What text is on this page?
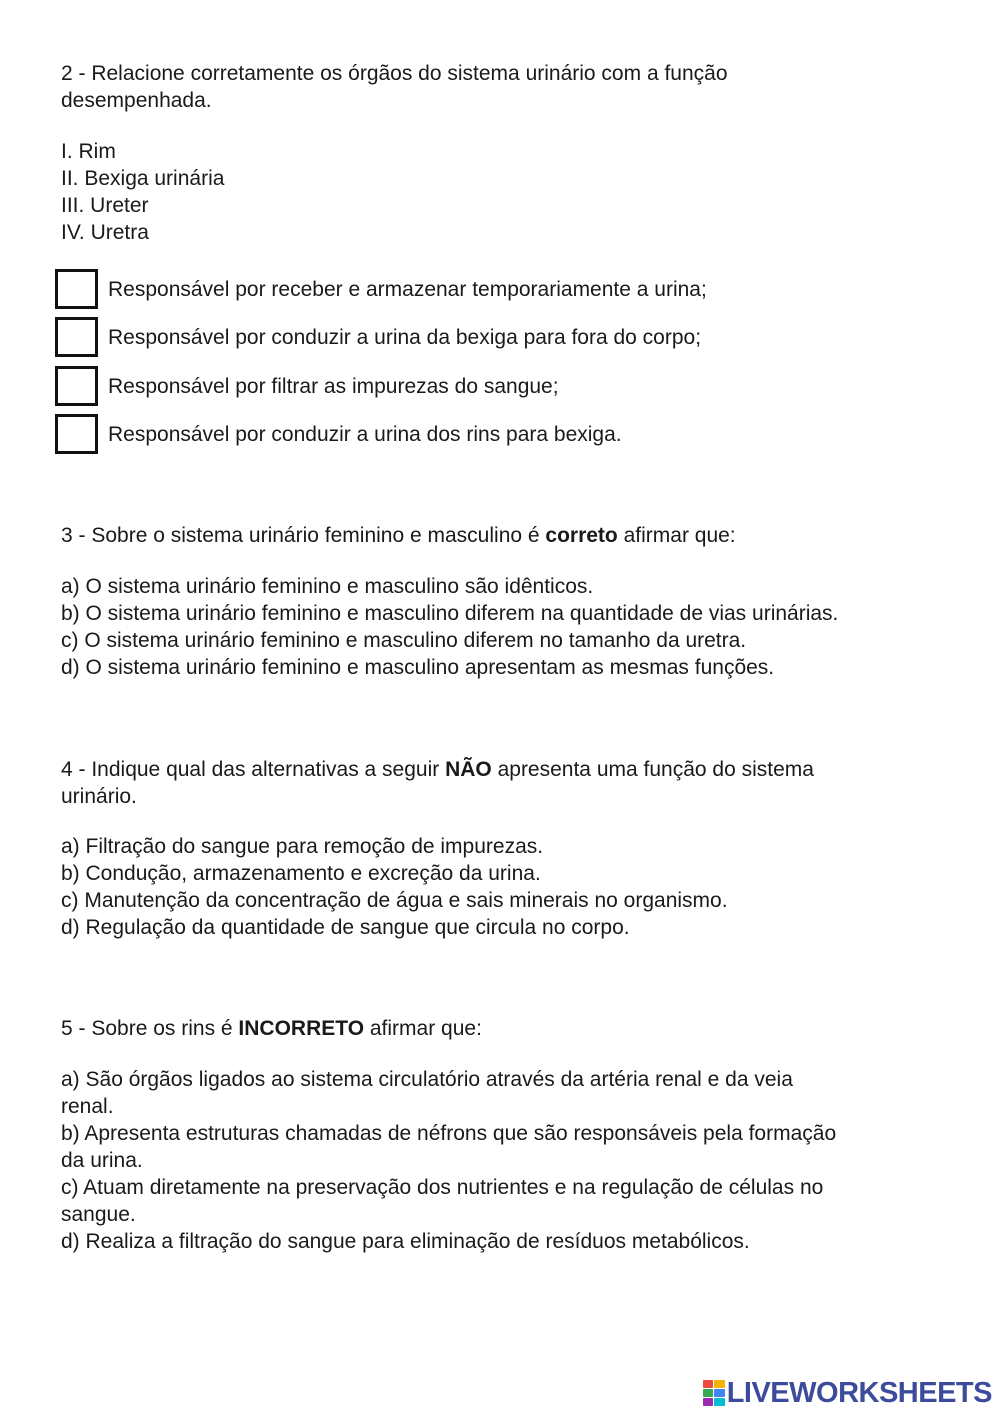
2 - Relacione corretamente os órgãos do sistema urinário com a função
desempenhada.
I. Rim
II. Bexiga urinária
III. Ureter
IV. Uretra
Responsável por receber e armazenar temporariamente a urina;
Responsável por conduzir a urina da bexiga para fora do corpo;
Responsável por filtrar as impurezas do sangue;
Responsável por conduzir a urina dos rins para bexiga.
3 - Sobre o sistema urinário feminino e masculino é correto afirmar que:
a) O sistema urinário feminino e masculino são idênticos.
b) O sistema urinário feminino e masculino diferem na quantidade de vias urinárias.
c) O sistema urinário feminino e masculino diferem no tamanho da uretra.
d) O sistema urinário feminino e masculino apresentam as mesmas funções.
4 - Indique qual das alternativas a seguir NÃO apresenta uma função do sistema
urinário.
a) Filtração do sangue para remoção de impurezas.
b) Condução, armazenamento e excreção da urina.
c) Manutenção da concentração de água e sais minerais no organismo.
d) Regulação da quantidade de sangue que circula no corpo.
5 - Sobre os rins é INCORRETO afirmar que:
a) São órgãos ligados ao sistema circulatório através da artéria renal e da veia
renal.
b) Apresenta estruturas chamadas de néfrons que são responsáveis pela formação
da urina.
c) Atuam diretamente na preservação dos nutrientes e na regulação de células no
sangue.
d) Realiza a filtração do sangue para eliminação de resíduos metabólicos.
LIVEWORKSHEETS
